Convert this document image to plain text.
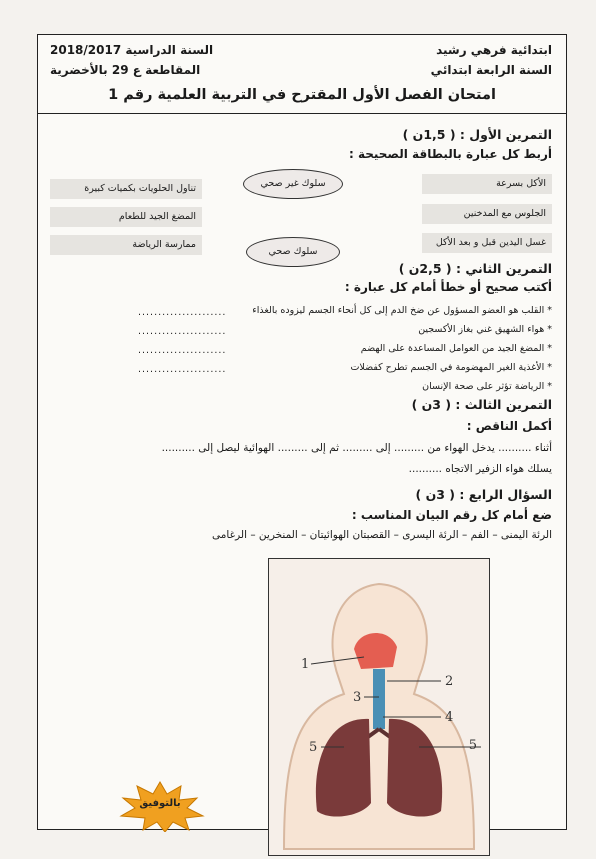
ابتدائية فرهي رشيد
السنة الرابعة ابتدائي
السنة الدراسية 2018/2017
المقاطعة ع 29 بالأخضرية
امتحان الفصل الأول المقترح في التربية العلمية رقم 1
التمرين الأول : ( 1,5ن )
أربط كل عبارة بالبطاقة الصحيحة :
الأكل بسرعة
الجلوس مع المدخنين
غسل اليدين قبل و بعد الأكل
سلوك غير صحي
سلوك صحي
تناول الحلويات بكميات كبيرة
المضغ الجيد للطعام
ممارسة الرياضة
التمرين الثاني : ( 2,5ن )
أكتب صحيح أو خطأ أمام كل عبارة :
* القلب هو العضو المسؤول عن ضخ الدم إلى كل أنحاء الجسم ليزوده بالغذاء
* هواء الشهيق غني بغاز الأكسجين
* المضغ الجيد من العوامل المساعدة على الهضم
* الأغذية الغير المهضومة في الجسم تطرح كفضلات
* الرياضة تؤثر على صحة الإنسان
......................
......................
......................
......................
التمرين الثالث : ( 3ن )
أكمل الناقص :
أثناء .......... يدخل الهواء من ......... إلى ......... ثم إلى ......... الهوائية ليصل إلى ..........
يسلك هواء الزفير الاتجاه ..........
السؤال الرابع : ( 3ن )
ضع أمام كل رقم البيان المناسب :
الرئة اليمنى – الفم – الرئة اليسرى – القصبتان الهوائيتان – المنخرين – الرغامى
1
2
3
4
5	5
بالتوفيق
